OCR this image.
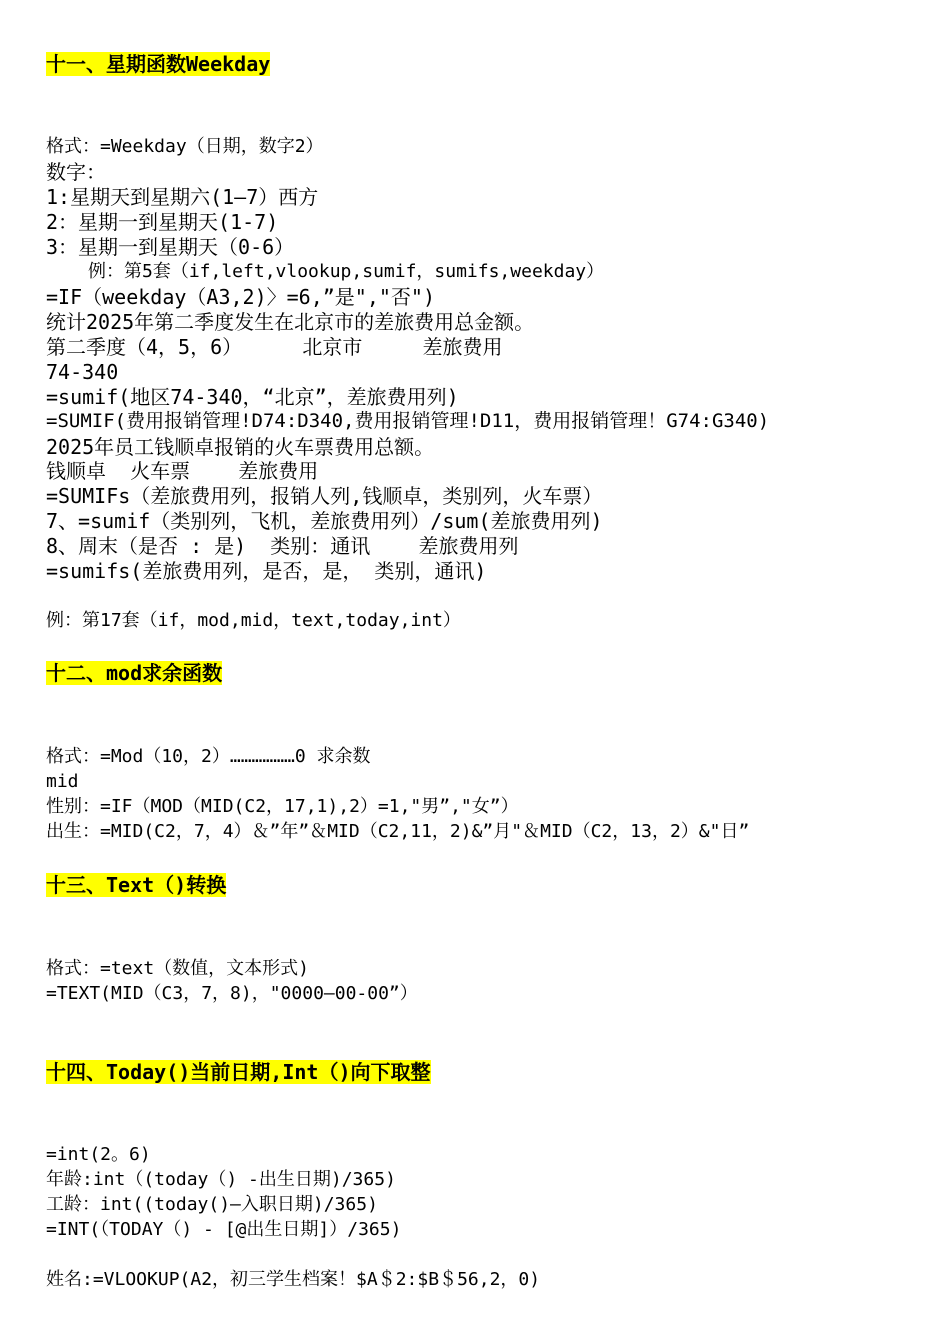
十一、星期函数Weekday
格式：=Weekday（日期，数字2）
数字：
1:星期天到星期六(1—7）西方
2：星期一到星期天(1-7)
3：星期一到星期天（0-6）
例：第5套（if,left,vlookup,sumif，sumifs,weekday）
=IF（weekday（A3,2)〉=6,”是","否")
统计2025年第二季度发生在北京市的差旅费用总金额。
第二季度（4，5，6）     北京市     差旅费用
74-340
=sumif(地区74-340，“北京”，差旅费用列)
=SUMIF(费用报销管理!D74:D340,费用报销管理!D11，费用报销管理！G74:G340)
2025年员工钱顺卓报销的火车票费用总额。
钱顺卓  火车票    差旅费用
=SUMIFs（差旅费用列，报销人列,钱顺卓，类别列，火车票）
7、=sumif（类别列，飞机，差旅费用列）/sum(差旅费用列)
8、周末（是否 : 是)  类别：通讯    差旅费用列
=sumifs(差旅费用列，是否，是， 类别，通讯)
例：第17套（if，mod,mid，text,today,int）
十二、mod求余函数
格式：=Mod（10，2）………………0 求余数
mid
性别：=IF（MOD（MID(C2，17,1),2）=1,"男”,"女”）
出生：=MID(C2，7，4）＆”年”＆MID（C2,11，2)&”月"＆MID（C2，13，2）&"日”
十三、Text（)转换
格式：=text（数值，文本形式)
=TEXT(MID（C3，7，8)，"0000—00-00”）
十四、Today()当前日期,Int（)向下取整
=int(2。6)
年龄:int（(today（) -出生日期)/365)
工龄：int((today()—入职日期)/365)
=INT(（TODAY（) - [@出生日期]）/365)
姓名:=VLOOKUP(A2，初三学生档案！$A＄2:$B＄56,2，0)
